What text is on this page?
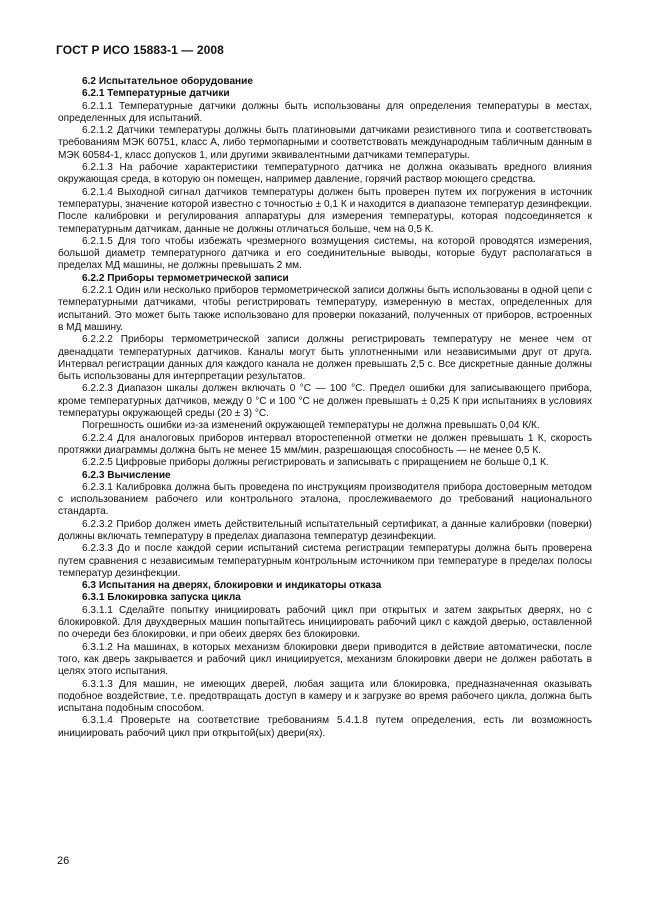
ГОСТ Р ИСО 15883-1 — 2008

6.2 Испытательное оборудование

6.2.1 Температурные датчики

6.2.1.1 Температурные датчики должны быть использованы для определения температуры в местах, определенных для испытаний.

6.2.1.2 Датчики температуры должны быть платиновыми датчиками резистивного типа и соответствовать требованиям МЭК 60751, класс А, либо термопарными и соответствовать международным табличным данным в МЭК 60584-1, класс допусков 1, или другими эквивалентными датчиками температуры.

6.2.1.3 На рабочие характеристики температурного датчика не должна оказывать вредного влияния окружающая среда, в которую он помещен, например давление, горячий раствор моющего средства.

6.2.1.4 Выходной сигнал датчиков температуры должен быть проверен путем их погружения в источник температуры, значение которой известно с точностью ± 0,1 К и находится в диапазоне температур дезинфекции. После калибровки и регулирования аппаратуры для измерения температуры, которая подсоединяется к температурным датчикам, данные не должны отличаться больше, чем на 0,5 К.

6.2.1.5 Для того чтобы избежать чрезмерного возмущения системы, на которой проводятся измерения, большой диаметр температурного датчика и его соединительные выводы, которые будут располагаться в пределах МД машины, не должны превышать 2 мм.

6.2.2 Приборы термометрической записи

6.2.2.1 Один или несколько приборов термометрической записи должны быть использованы в одной цепи с температурными датчиками, чтобы регистрировать температуру, измеренную в местах, определенных для испытаний. Это может быть также использовано для проверки показаний, полученных от приборов, встроенных в МД машину.

6.2.2.2 Приборы термометрической записи должны регистрировать температуру не менее чем от двенадцати температурных датчиков. Каналы могут быть уплотненными или независимыми друг от друга. Интервал регистрации данных для каждого канала не должен превышать 2,5 с. Все дискретные данные должны быть использованы для интерпретации результатов.

6.2.2.3 Диапазон шкалы должен включать 0 °С — 100 °С. Предел ошибки для записывающего прибора, кроме температурных датчиков, между 0 °С и 100 °С не должен превышать ± 0,25 К при испытаниях в условиях температуры окружающей среды (20 ± 3) °С.

Погрешность ошибки из-за изменений окружающей температуры не должна превышать 0,04 К/К.

6.2.2.4 Для аналоговых приборов интервал второстепенной отметки не должен превышать 1 К, скорость протяжки диаграммы должна быть не менее 15 мм/мин, разрешающая способность — не менее 0,5 К.

6.2.2.5 Цифровые приборы должны регистрировать и записывать с приращением не больше 0,1 К.

6.2.3 Вычисление

6.2.3.1 Калибровка должна быть проведена по инструкциям производителя прибора достоверным методом с использованием рабочего или контрольного эталона, прослеживаемого до требований национального стандарта.

6.2.3.2 Прибор должен иметь действительный испытательный сертификат, а данные калибровки (поверки) должны включать температуру в пределах диапазона температур дезинфекции.

6.2.3.3 До и после каждой серии испытаний система регистрации температуры должна быть проверена путем сравнения с независимым температурным контрольным источником при температуре в пределах полосы температур дезинфекции.

6.3 Испытания на дверях, блокировки и индикаторы отказа

6.3.1 Блокировка запуска цикла

6.3.1.1 Сделайте попытку инициировать рабочий цикл при открытых и затем закрытых дверях, но с блокировкой. Для двухдверных машин попытайтесь инициировать рабочий цикл с каждой дверью, оставленной по очереди без блокировки, и при обеих дверях без блокировки.

6.3.1.2 На машинах, в которых механизм блокировки двери приводится в действие автоматически, после того, как дверь закрывается и рабочий цикл инициируется, механизм блокировки двери не должен работать в целях этого испытания.

6.3.1.3 Для машин, не имеющих дверей, любая защита или блокировка, предназначенная оказывать подобное воздействие, т.е. предотвращать доступ в камеру и к загрузке во время рабочего цикла, должна быть испытана подобным способом.

6.3.1.4 Проверьте на соответствие требованиям 5.4.1.8 путем определения, есть ли возможность инициировать рабочий цикл при открытой(ых) двери(ях).

26
